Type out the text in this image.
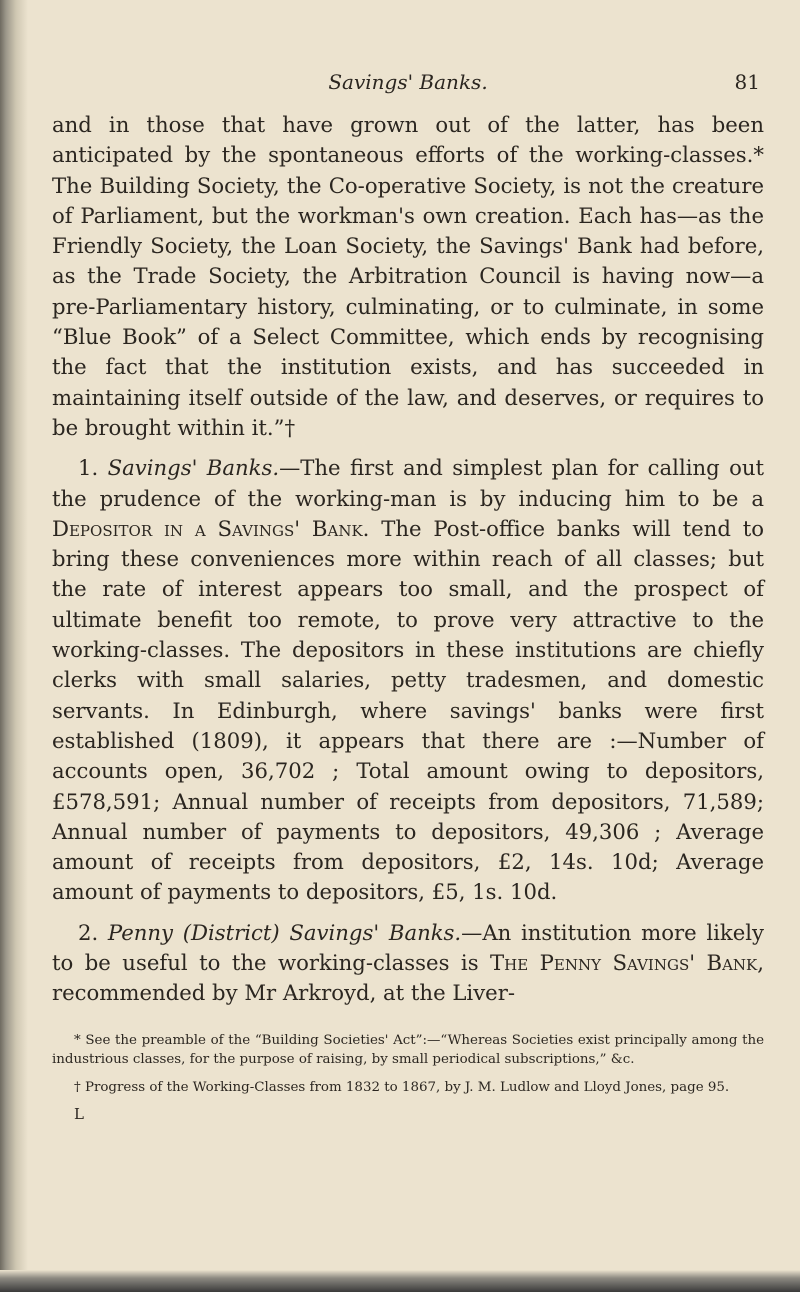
Savings' Banks.	81

and in those that have grown out of the latter, has been anticipated by the spontaneous efforts of the working-classes.* The Building Society, the Co-operative Society, is not the creature of Parliament, but the workman's own creation. Each has—as the Friendly Society, the Loan Society, the Savings' Bank had before, as the Trade Society, the Arbitration Council is having now—a pre-Parliamentary history, culminating, or to culminate, in some “Blue Book” of a Select Committee, which ends by recognising the fact that the institution exists, and has succeeded in maintaining itself outside of the law, and deserves, or requires to be brought within it.”†

1. Savings' Banks.—The first and simplest plan for calling out the prudence of the working-man is by inducing him to be a Depositor in a Savings' Bank. The Post-office banks will tend to bring these conveniences more within reach of all classes; but the rate of interest appears too small, and the prospect of ultimate benefit too remote, to prove very attractive to the working-classes. The depositors in these institutions are chiefly clerks with small salaries, petty tradesmen, and domestic servants. In Edinburgh, where savings' banks were first established (1809), it appears that there are :—Number of accounts open, 36,702 ; Total amount owing to depositors, £578,591; Annual number of receipts from depositors, 71,589; Annual number of payments to depositors, 49,306 ; Average amount of receipts from depositors, £2, 14s. 10d; Average amount of payments to depositors, £5, 1s. 10d.

2. Penny (District) Savings' Banks.—An institution more likely to be useful to the working-classes is The Penny Savings' Bank, recommended by Mr Arkroyd, at the Liver-

* See the preamble of the “Building Societies' Act”:—“Whereas Societies exist principally among the industrious classes, for the purpose of raising, by small periodical subscriptions,” &c.

† Progress of the Working-Classes from 1832 to 1867, by J. M. Ludlow and Lloyd Jones, page 95.

L
